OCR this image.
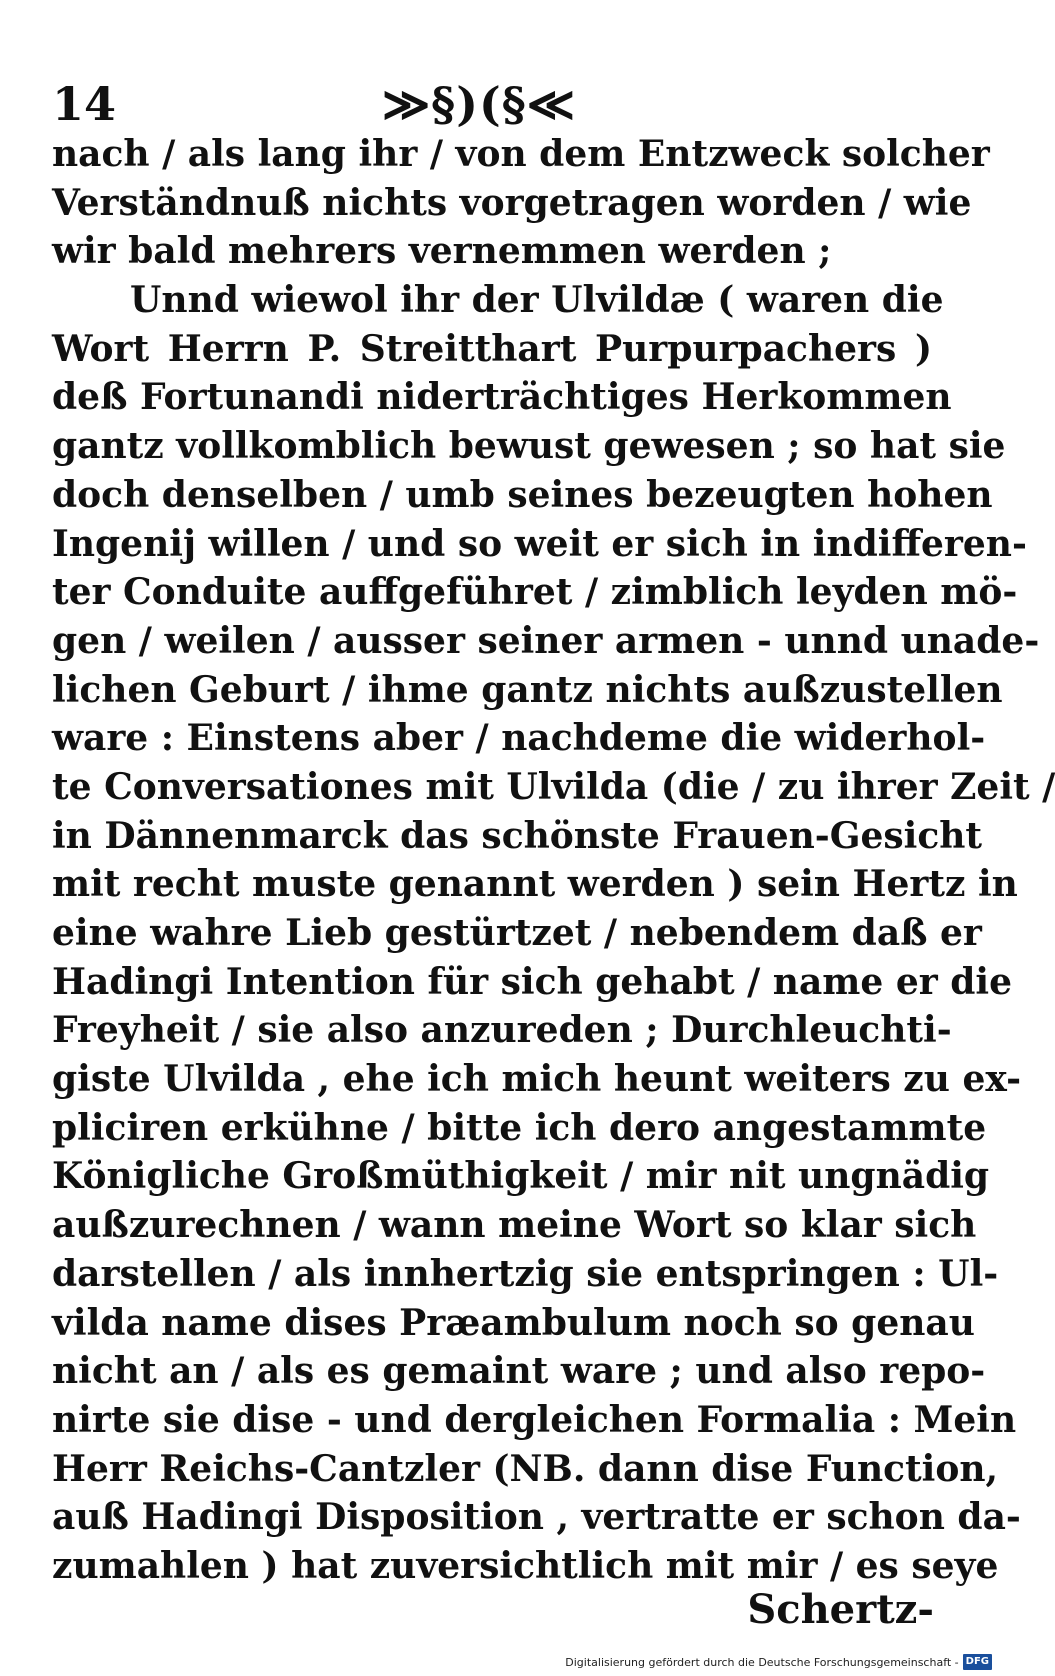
14	≫§)(§≪
nach / als lang ihr / von dem Entzweck solcher
Verständnuß nichts vorgetragen worden / wie
wir bald mehrers vernemmen werden ;
Unnd wiewol ihr der Ulvildæ ( waren die
Wort Herrn P. Streitthart Purpurpachers )
deß Fortunandi niderträchtiges Herkommen
gantz vollkomblich bewust gewesen ; so hat sie
doch denselben / umb seines bezeugten hohen
Ingenij willen / und so weit er sich in indifferen-
ter Conduite auffgeführet / zimblich leyden mö-
gen / weilen / ausser seiner armen - unnd unade-
lichen Geburt / ihme gantz nichts außzustellen
ware : Einstens aber / nachdeme die widerhol-
te Conversationes mit Ulvilda (die / zu ihrer Zeit /
in Dännenmarck das schönste Frauen-Gesicht
mit recht muste genannt werden ) sein Hertz in
eine wahre Lieb gestürtzet / nebendem daß er
Hadingi Intention für sich gehabt / name er die
Freyheit / sie also anzureden ; Durchleuchti-
giste Ulvilda , ehe ich mich heunt weiters zu ex-
pliciren erkühne / bitte ich dero angestammte
Königliche Großmüthigkeit / mir nit ungnädig
außzurechnen / wann meine Wort so klar sich
darstellen / als innhertzig sie entspringen : Ul-
vilda name dises Præambulum noch so genau
nicht an / als es gemaint ware ; und also repo-
nirte sie dise - und dergleichen Formalia : Mein
Herr Reichs-Cantzler (NB. dann dise Function,
auß Hadingi Disposition , vertratte er schon da-
zumahlen ) hat zuversichtlich mit mir / es seye
Schertz-
Digitalisierung gefördert durch die Deutsche Forschungsgemeinschaft - DFG
